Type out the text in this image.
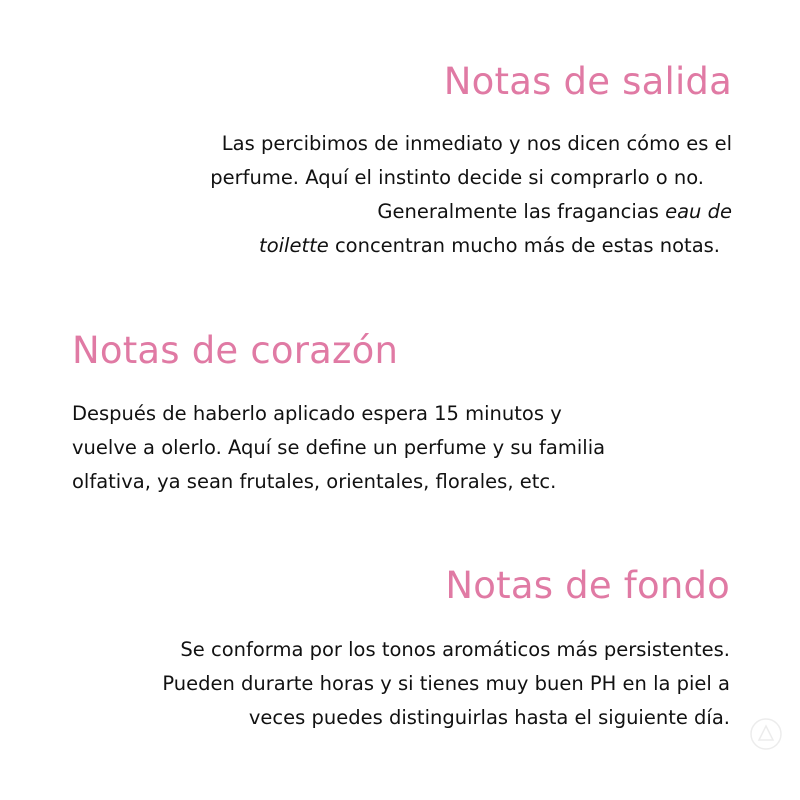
Notas de salida

Las percibimos de inmediato y nos dicen cómo es el
perfume. Aquí el instinto decide si comprarlo o no.
Generalmente las fragancias eau de
toilette concentran mucho más de estas notas.

Notas de corazón

Después de haberlo aplicado espera 15 minutos y
vuelve a olerlo. Aquí se define un perfume y su familia
olfativa, ya sean frutales, orientales, florales, etc.

Notas de fondo

Se conforma por los tonos aromáticos más persistentes.
Pueden durarte horas y si tienes muy buen PH en la piel a
veces puedes distinguirlas hasta el siguiente día.
